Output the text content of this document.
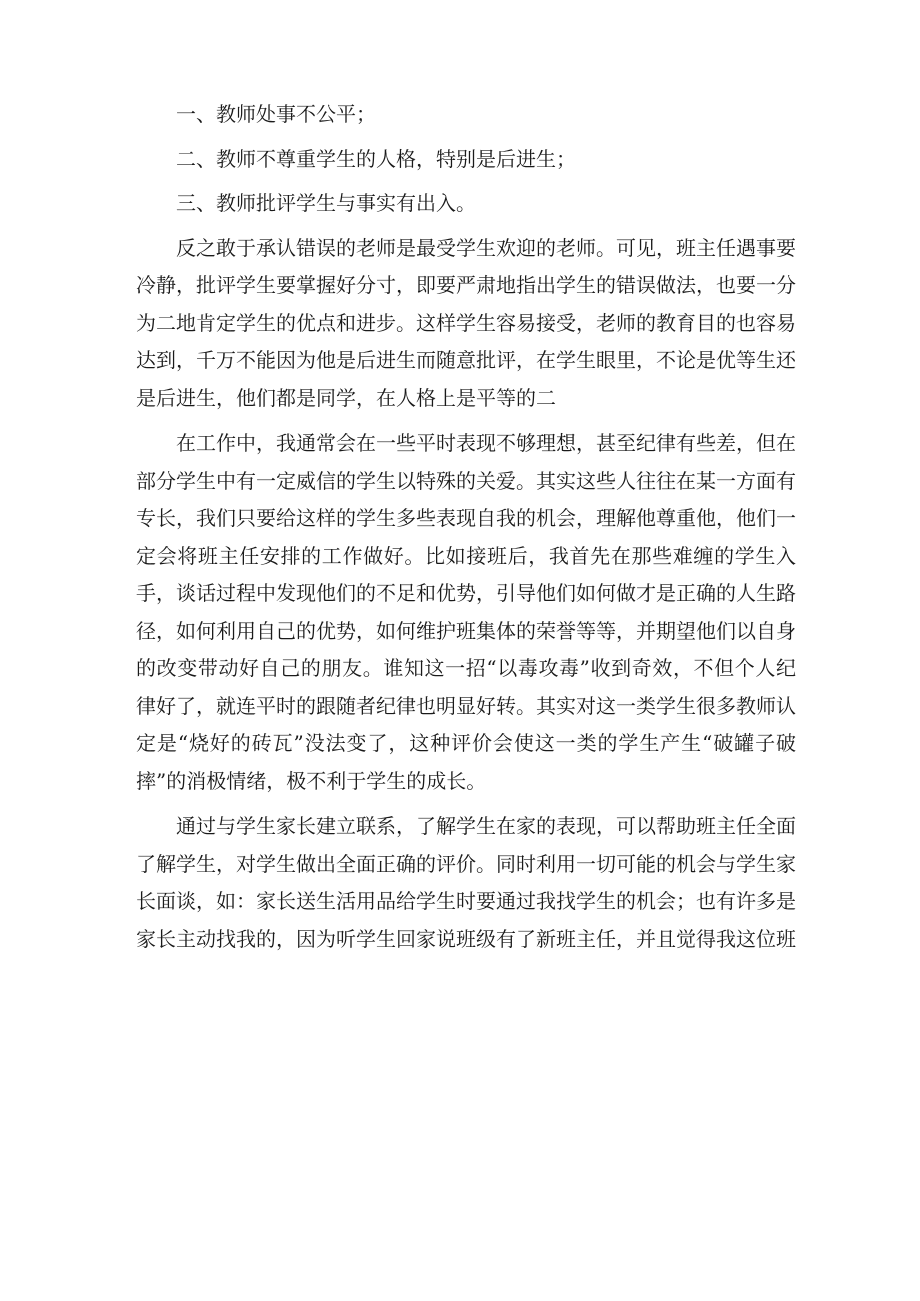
一、教师处事不公平；

二、教师不尊重学生的人格，特别是后进生；

三、教师批评学生与事实有出入。

反之敢于承认错误的老师是最受学生欢迎的老师。可见，班主任遇事要冷静，批评学生要掌握好分寸，即要严肃地指出学生的错误做法，也要一分为二地肯定学生的优点和进步。这样学生容易接受，老师的教育目的也容易达到，千万不能因为他是后进生而随意批评，在学生眼里，不论是优等生还是后进生，他们都是同学，在人格上是平等的二

在工作中，我通常会在一些平时表现不够理想，甚至纪律有些差，但在部分学生中有一定威信的学生以特殊的关爱。其实这些人往往在某一方面有专长，我们只要给这样的学生多些表现自我的机会，理解他尊重他，他们一定会将班主任安排的工作做好。比如接班后，我首先在那些难缠的学生入手，谈话过程中发现他们的不足和优势，引导他们如何做才是正确的人生路径，如何利用自己的优势，如何维护班集体的荣誉等等，并期望他们以自身的改变带动好自己的朋友。谁知这一招“以毒攻毒”收到奇效，不但个人纪律好了，就连平时的跟随者纪律也明显好转。其实对这一类学生很多教师认定是“烧好的砖瓦”没法变了，这种评价会使这一类的学生产生“破罐子破摔”的消极情绪，极不利于学生的成长。

通过与学生家长建立联系，了解学生在家的表现，可以帮助班主任全面了解学生，对学生做出全面正确的评价。同时利用一切可能的机会与学生家长面谈，如：家长送生活用品给学生时要通过我找学生的机会；也有许多是家长主动找我的，因为听学生回家说班级有了新班主任，并且觉得我这位班
